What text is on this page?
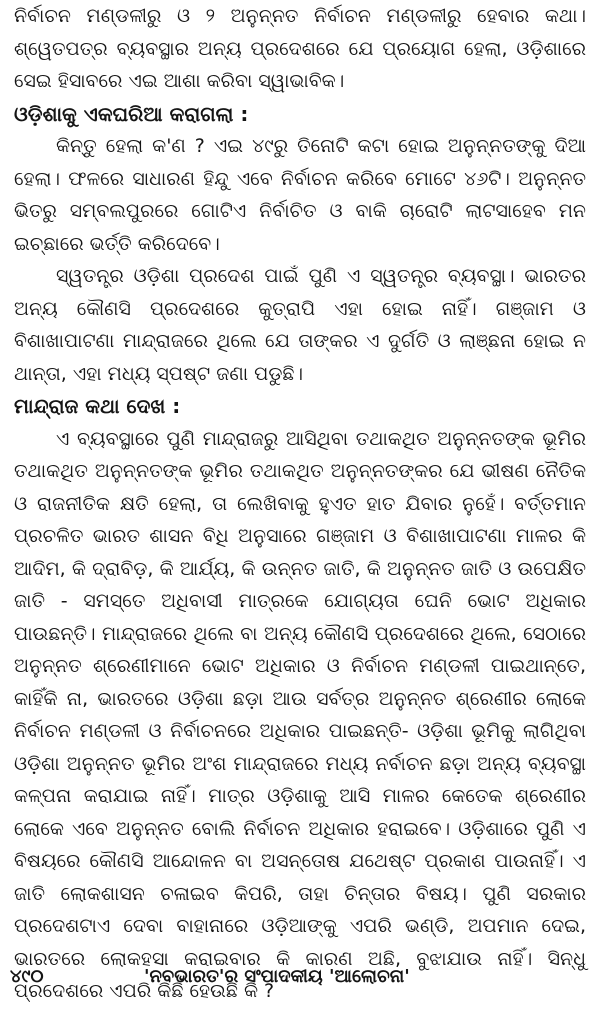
ନିର୍ବାଚନ ମଣ୍ଡଳୀରୁ ଓ ୨ ଅନୁନ୍ନତ ନିର୍ବାଚନ ମଣ୍ଡଳୀରୁ ହେବାର କଥା। ଶ୍ୱେତପତ୍ର ବ୍ୟବସ୍ଥାର ଅନ୍ୟ ପ୍ରଦେଶରେ ଯେ ପ୍ରୟୋଗ ହେଲା, ଓଡ଼ିଶାରେ ସେଇ ହିସାବରେ ଏଇ ଆଶା କରିବା ସ୍ୱାଭାବିକ।

ଓଡ଼ିଶାକୁ ଏକଘରିଆ କରାଗଲା :

କିନ୍ତୁ ହେଲା କ'ଣ ? ଏଇ ୪୯ରୁ ତିନୋଟି କଟା ହୋଇ ଅନୁନ୍ନତଙ୍କୁ ଦିଆ ହେଲା। ଫଳରେ ସାଧାରଣ ହିନ୍ଦୁ ଏବେ ନିର୍ବାଚନ କରିବେ ମୋଟେ ୪୬ଟି। ଅନୁନ୍ନତ ଭିତରୁ ସମ୍ବଲପୁରରେ ଗୋଟିଏ ନିର୍ବାଚିତ ଓ ବାକି ଚାରୋଟି ଲାଟସାହେବ ମନ ଇଚ୍ଛାରେ ଭର୍ତ୍ତି କରିଦେବେ।

ସ୍ୱତନ୍ତ୍ର ଓଡ଼ିଶା ପ୍ରଦେଶ ପାଇଁ ପୁଣି ଏ ସ୍ୱତନ୍ତ୍ର ବ୍ୟବସ୍ଥା। ଭାରତର ଅନ୍ୟ କୌଣସି ପ୍ରଦେଶରେ କୁତ୍ରାପି ଏହା ହୋଇ ନାହିଁ। ଗଞ୍ଜାମ ଓ ବିଶାଖାପାଟଣା ମାନ୍ଦ୍ରାଜରେ ଥିଲେ ଯେ ତାଙ୍କର ଏ ଦୁର୍ଗତି ଓ ଲାଞ୍ଛନା ହୋଇ ନ ଥାନ୍ତା, ଏହା ମଧ୍ୟ ସ୍ପଷ୍ଟ ଜଣା ପଡୁଛି।

ମାନ୍ଦ୍ରାଜ କଥା ଦେଖ :

ଏ ବ୍ୟବସ୍ଥାରେ ପୁଣି ମାନ୍ଦ୍ରାଜରୁ ଆସିଥିବା ତଥାକଥିତ ଅନୁନ୍ନତଙ୍କ ଭୂମିର ତଥାକଥିତ ଅନୁନ୍ନତଙ୍କ ଭୂମିର ତଥାକଥିତ ଅନୁନ୍ନତଙ୍କର ଯେ ଭୀଷଣ ନୈତିକ ଓ ରାଜନୀତିକ କ୍ଷତି ହେଲା, ତା ଲେଖିବାକୁ ହୁଏତ ହାତ ଯିବାର ନୁହେଁ। ବର୍ତ୍ତମାନ ପ୍ରଚଳିତ ଭାରତ ଶାସନ ବିଧି ଅନୁସାରେ ଗଞ୍ଜାମ ଓ ବିଶାଖାପାଟଣା ମାଳର କି ଆଦିମ, କି ଦ୍ରାବିଡ଼, କି ଆର୍ଯ୍ୟ, କି ଉନ୍ନତ ଜାତି, କି ଅନୁନ୍ନତ ଜାତି ଓ ଉପେକ୍ଷିତ ଜାତି - ସମସ୍ତେ ଅଧିବାସୀ ମାତ୍ରକେ ଯୋଗ୍ୟତା ଘେନି ଭୋଟ ଅଧିକାର ପାଉଛନ୍ତି। ମାନ୍ଦ୍ରାଜରେ ଥିଲେ ବା ଅନ୍ୟ କୌଣସି ପ୍ରଦେଶରେ ଥିଲେ, ସେଠାରେ ଅନୁନ୍ନତ ଶ୍ରେଣୀମାନେ ଭୋଟ ଅଧିକାର ଓ ନିର୍ବାଚନ ମଣ୍ଡଳୀ ପାଇଥାନ୍ତେ, କାହିଁକି ନା, ଭାରତରେ ଓଡ଼ିଶା ଛଡ଼ା ଆଉ ସର୍ବତ୍ର ଅନୁନ୍ନତ ଶ୍ରେଣୀର ଲୋକେ ନିର୍ବାଚନ ମଣ୍ଡଳୀ ଓ ନିର୍ବାଚନରେ ଅଧିକାର ପାଇଛନ୍ତି- ଓଡ଼ିଶା ଭୂମିକୁ ଲାଗିଥିବା ଓଡ଼ିଶା ଅନୁନ୍ନତ ଭୂମିର ଅଂଶ ମାନ୍ଦ୍ରାଜରେ ମଧ୍ୟ ନର୍ବାଚନ ଛଡ଼ା ଅନ୍ୟ ବ୍ୟବସ୍ଥା କଳ୍ପନା କରାଯାଇ ନାହିଁ। ମାତ୍ର ଓଡ଼ିଶାକୁ ଆସି ମାଳର କେତେକ ଶ୍ରେଣୀର ଲୋକେ ଏବେ ଅନୁନ୍ନତ ବୋଲି ନିର୍ବାଚନ ଅଧିକାର ହରାଇବେ। ଓଡ଼ିଶାରେ ପୁଣି ଏ ବିଷୟରେ କୌଣସି ଆନ୍ଦୋଳନ ବା ଅସନ୍ତୋଷ ଯଥେଷ୍ଟ ପ୍ରକାଶ ପାଉନାହିଁ। ଏ ଜାତି ଲୋକଶାସନ ଚଳାଇବ କିପରି, ତାହା ଚିନ୍ତାର ବିଷୟ। ପୁଣି ସରକାର ପ୍ରଦେଶଟାଏ ଦେବା ବାହାନାରେ ଓଡ଼ିଆଙ୍କୁ ଏପରି ଭଣ୍ଡି, ଅପମାନ ଦେଇ, ଭାରତରେ ଲୋକହସା କରାଇବାର କି କାରଣ ଅଛି, ବୁଝାଯାଉ ନାହିଁ। ସିନ୍ଧୁ ପ୍ରଦେଶରେ ଏପରି କିଛି ହେଉଛି କି ?

୪୯୦	'ନବଭାରତ'ର ସଂପାଦକୀୟ 'ଆଲୋଚନା'
